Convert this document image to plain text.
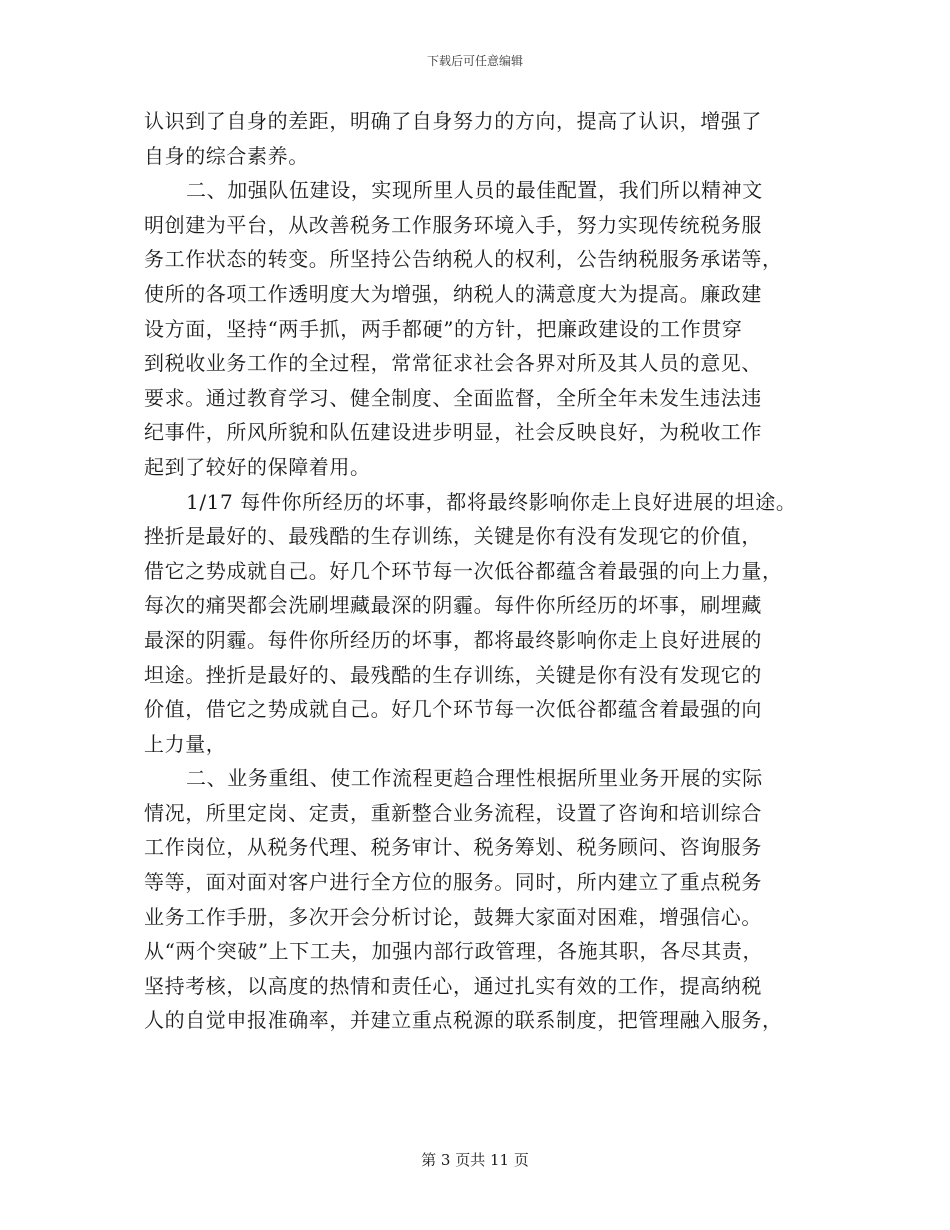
下载后可任意编辑
认识到了自身的差距，明确了自身努力的方向，提高了认识，增强了
自身的综合素养。
二、加强队伍建设，实现所里人员的最佳配置，我们所以精神文
明创建为平台，从改善税务工作服务环境入手，努力实现传统税务服
务工作状态的转变。所坚持公告纳税人的权利，公告纳税服务承诺等，
使所的各项工作透明度大为增强，纳税人的满意度大为提高。廉政建
设方面，坚持“两手抓，两手都硬”的方针，把廉政建设的工作贯穿
到税收业务工作的全过程，常常征求社会各界对所及其人员的意见、
要求。通过教育学习、健全制度、全面监督，全所全年未发生违法违
纪事件，所风所貌和队伍建设进步明显，社会反映良好，为税收工作
起到了较好的保障着用。
1/17 每件你所经历的坏事，都将最终影响你走上良好进展的坦途。
挫折是最好的、最残酷的生存训练，关键是你有没有发现它的价值，
借它之势成就自己。好几个环节每一次低谷都蕴含着最强的向上力量，
每次的痛哭都会洗刷埋藏最深的阴霾。每件你所经历的坏事，刷埋藏
最深的阴霾。每件你所经历的坏事，都将最终影响你走上良好进展的
坦途。挫折是最好的、最残酷的生存训练，关键是你有没有发现它的
价值，借它之势成就自己。好几个环节每一次低谷都蕴含着最强的向
上力量，
二、业务重组、使工作流程更趋合理性根据所里业务开展的实际
情况，所里定岗、定责，重新整合业务流程，设置了咨询和培训综合
工作岗位，从税务代理、税务审计、税务筹划、税务顾问、咨询服务
等等，面对面对客户进行全方位的服务。同时，所内建立了重点税务
业务工作手册，多次开会分析讨论，鼓舞大家面对困难，增强信心。
从“两个突破”上下工夫，加强内部行政管理，各施其职，各尽其责，
坚持考核，以高度的热情和责任心，通过扎实有效的工作，提高纳税
人的自觉申报准确率，并建立重点税源的联系制度，把管理融入服务，
第 3 页共 11 页
